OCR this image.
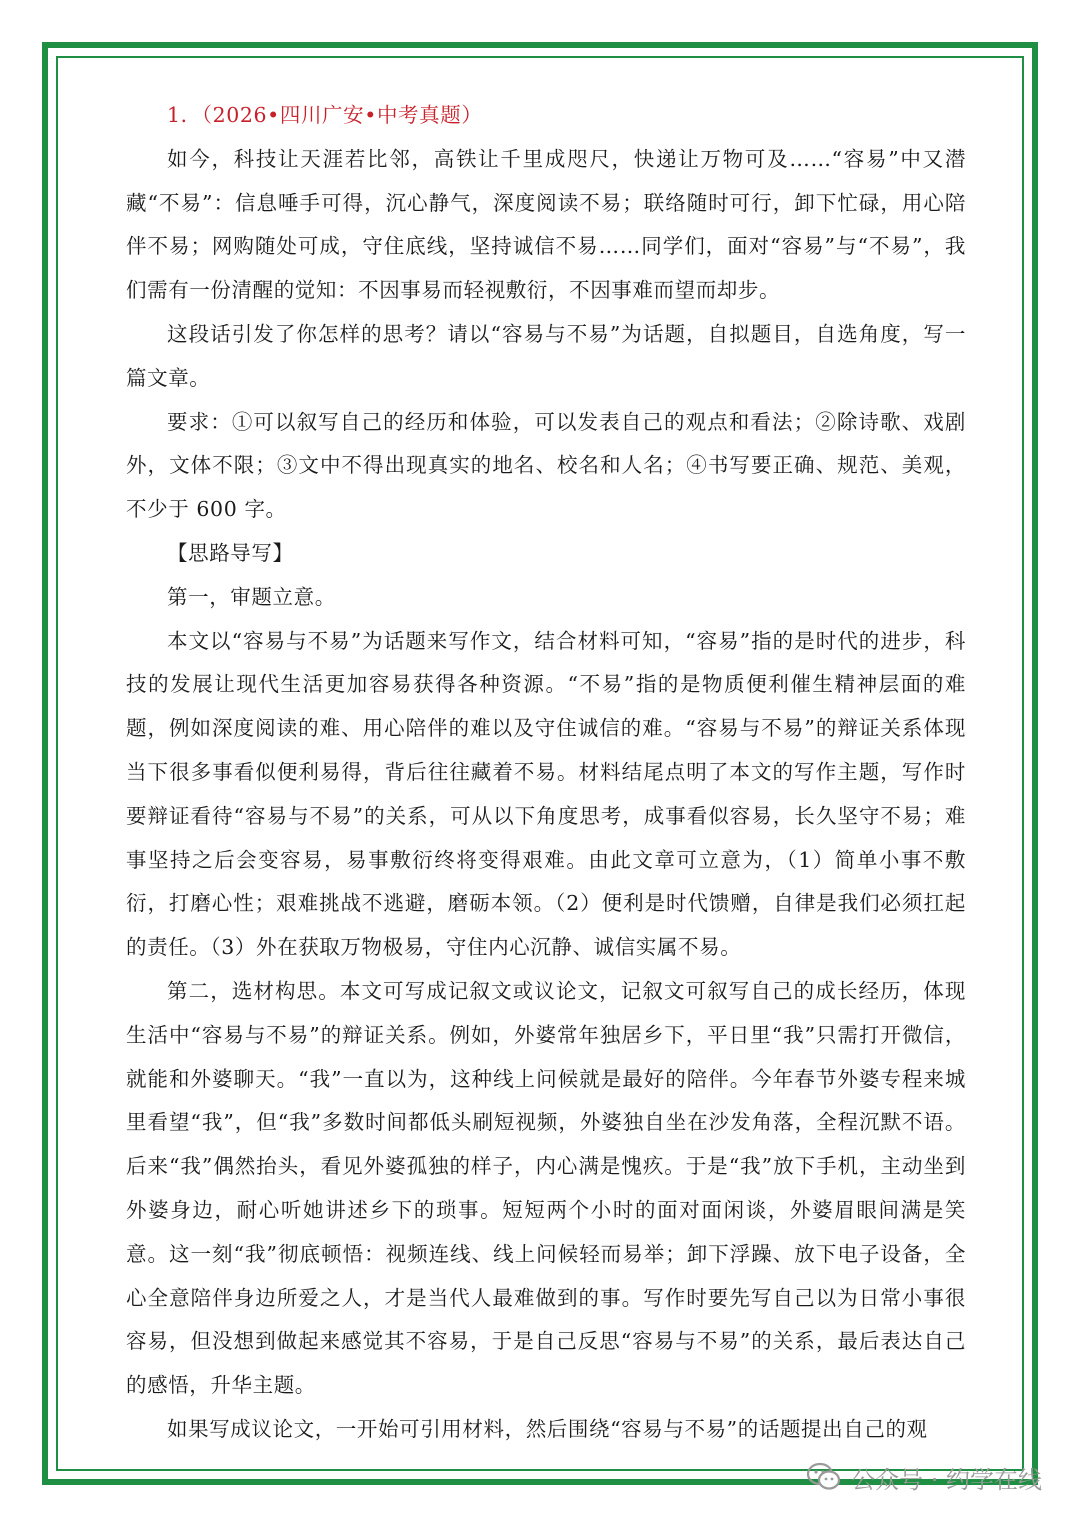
1．（2026•四川广安•中考真题）

如今，科技让天涯若比邻，高铁让千里成咫尺，快递让万物可及……“容易”中又潜藏“不易”：信息唾手可得，沉心静气，深度阅读不易；联络随时可行，卸下忙碌，用心陪伴不易；网购随处可成，守住底线，坚持诚信不易……同学们，面对“容易”与“不易”，我们需有一份清醒的觉知：不因事易而轻视敷衍，不因事难而望而却步。

这段话引发了你怎样的思考？请以“容易与不易”为话题，自拟题目，自选角度，写一篇文章。

要求：①可以叙写自己的经历和体验，可以发表自己的观点和看法；②除诗歌、戏剧外，文体不限；③文中不得出现真实的地名、校名和人名；④书写要正确、规范、美观，不少于 600 字。

【思路导写】

第一，审题立意。

本文以“容易与不易”为话题来写作文，结合材料可知，“容易”指的是时代的进步，科技的发展让现代生活更加容易获得各种资源。“不易”指的是物质便利催生精神层面的难题，例如深度阅读的难、用心陪伴的难以及守住诚信的难。“容易与不易”的辩证关系体现当下很多事看似便利易得，背后往往藏着不易。材料结尾点明了本文的写作主题，写作时要辩证看待“容易与不易”的关系，可从以下角度思考，成事看似容易，长久坚守不易；难事坚持之后会变容易，易事敷衍终将变得艰难。由此文章可立意为，（1）简单小事不敷衍，打磨心性；艰难挑战不逃避，磨砺本领。（2）便利是时代馈赠，自律是我们必须扛起的责任。（3）外在获取万物极易，守住内心沉静、诚信实属不易。

第二，选材构思。本文可写成记叙文或议论文，记叙文可叙写自己的成长经历，体现生活中“容易与不易”的辩证关系。例如，外婆常年独居乡下，平日里“我”只需打开微信，就能和外婆聊天。“我”一直以为，这种线上问候就是最好的陪伴。今年春节外婆专程来城里看望“我”，但“我”多数时间都低头刷短视频，外婆独自坐在沙发角落，全程沉默不语。后来“我”偶然抬头，看见外婆孤独的样子，内心满是愧疚。于是“我”放下手机，主动坐到外婆身边，耐心听她讲述乡下的琐事。短短两个小时的面对面闲谈，外婆眉眼间满是笑意。这一刻“我”彻底顿悟：视频连线、线上问候轻而易举；卸下浮躁、放下电子设备，全心全意陪伴身边所爱之人，才是当代人最难做到的事。写作时要先写自己以为日常小事很容易，但没想到做起来感觉其不容易，于是自己反思“容易与不易”的关系，最后表达自己的感悟，升华主题。

如果写成议论文，一开始可引用材料，然后围绕“容易与不易”的话题提出自己的观

公众号 · 约学在线
